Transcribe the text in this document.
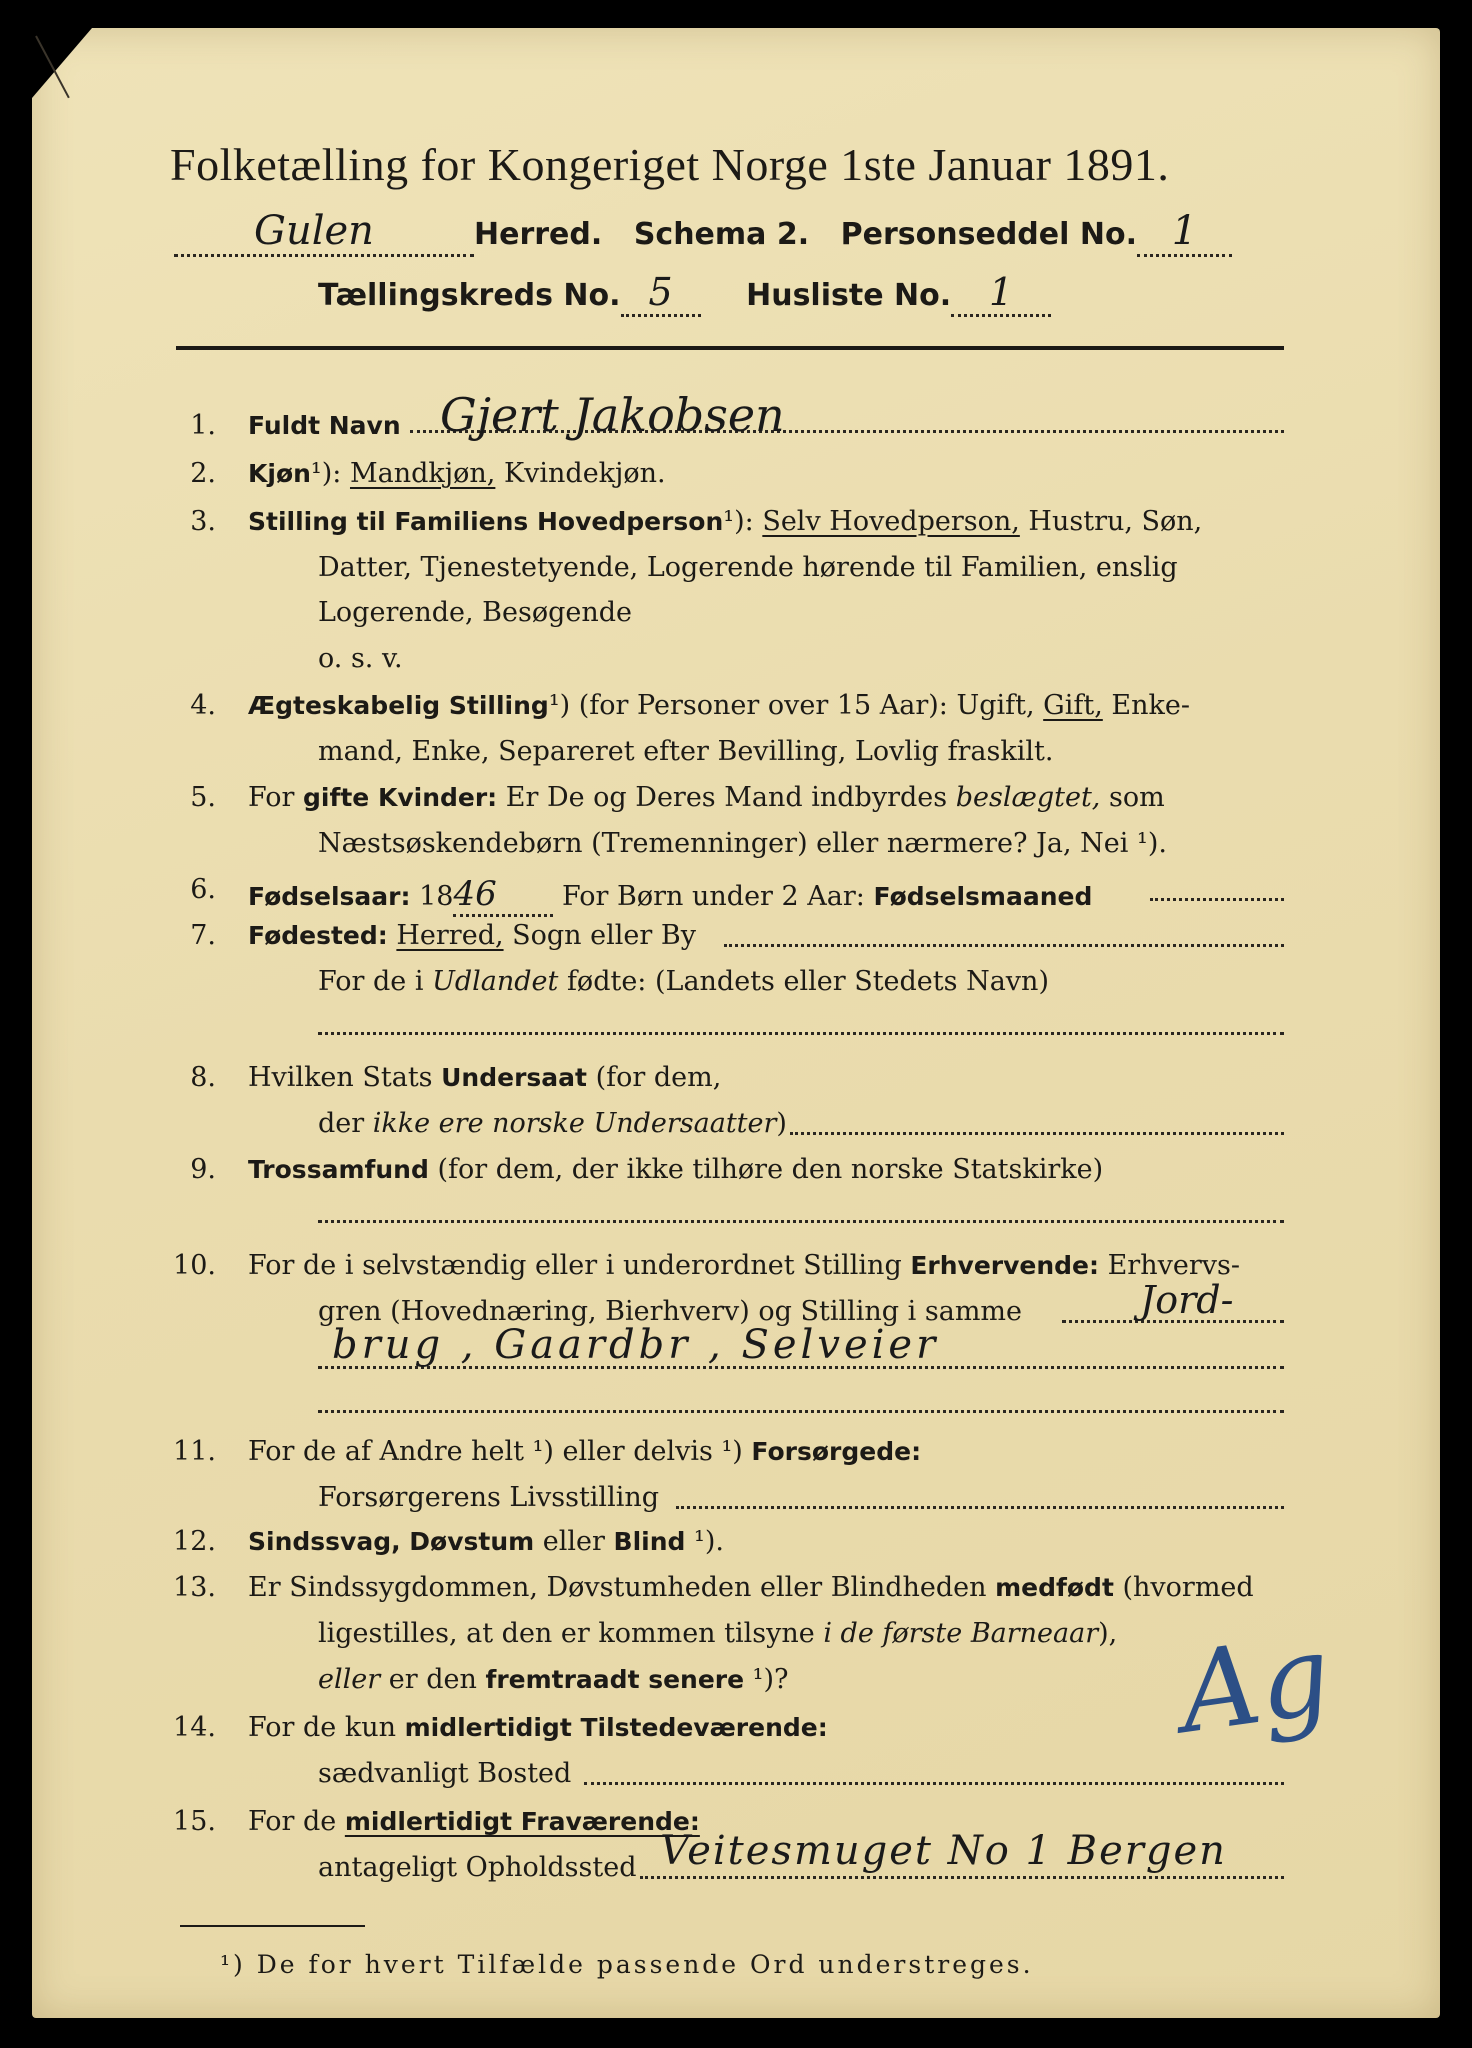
Folketælling for Kongeriget Norge 1ste Januar 1891.
Gulen	Herred. Schema 2. Personseddel No. 1
Tællingskreds No. 5 Husliste No. 1
1. Fuldt Navn Gjert Jakobsen
2. Kjøn¹): Mandkjøn, Kvindekjøn.
3. Stilling til Familiens Hovedperson¹): Selv Hovedperson, Hustru, Søn,
Datter, Tjenestetyende, Logerende hørende til Familien, enslig
Logerende, Besøgende
o. s. v.
4. Ægteskabelig Stilling¹) (for Personer over 15 Aar): Ugift, Gift, Enke-
mand, Enke, Separeret efter Bevilling, Lovlig fraskilt.
5. For gifte Kvinder: Er De og Deres Mand indbyrdes beslægtet, som
Næstsøskendebørn (Tremenninger) eller nærmere? Ja, Nei ¹).
6. Fødselsaar: 1846 For Børn under 2 Aar: Fødselsmaaned
7. Fødested: Herred, Sogn eller By
For de i Udlandet fødte: (Landets eller Stedets Navn)
8. Hvilken Stats Undersaat (for dem,
der ikke ere norske Undersaatter)
9. Trossamfund (for dem, der ikke tilhøre den norske Statskirke)
10. For de i selvstændig eller i underordnet Stilling Erhvervende: Erhvervs-
gren (Hovednæring, Bierhverv) og Stilling i samme	Jord-
brug , Gaardbr , Selveier
11. For de af Andre helt ¹) eller delvis ¹) Forsørgede:
Forsørgerens Livsstilling
12. Sindssvag, Døvstum eller Blind ¹).
13. Er Sindssygdommen, Døvstumheden eller Blindheden medfødt (hvormed
ligestilles, at den er kommen tilsyne i de første Barneaar),
eller er den fremtraadt senere ¹)?
14. For de kun midlertidigt Tilstedeværende:
sædvanligt Bosted
15. For de midlertidigt Fraværende:
antageligt Opholdssted Veitesmuget No 1 Bergen
Ag
¹) De for hvert Tilfælde passende Ord understreges.
